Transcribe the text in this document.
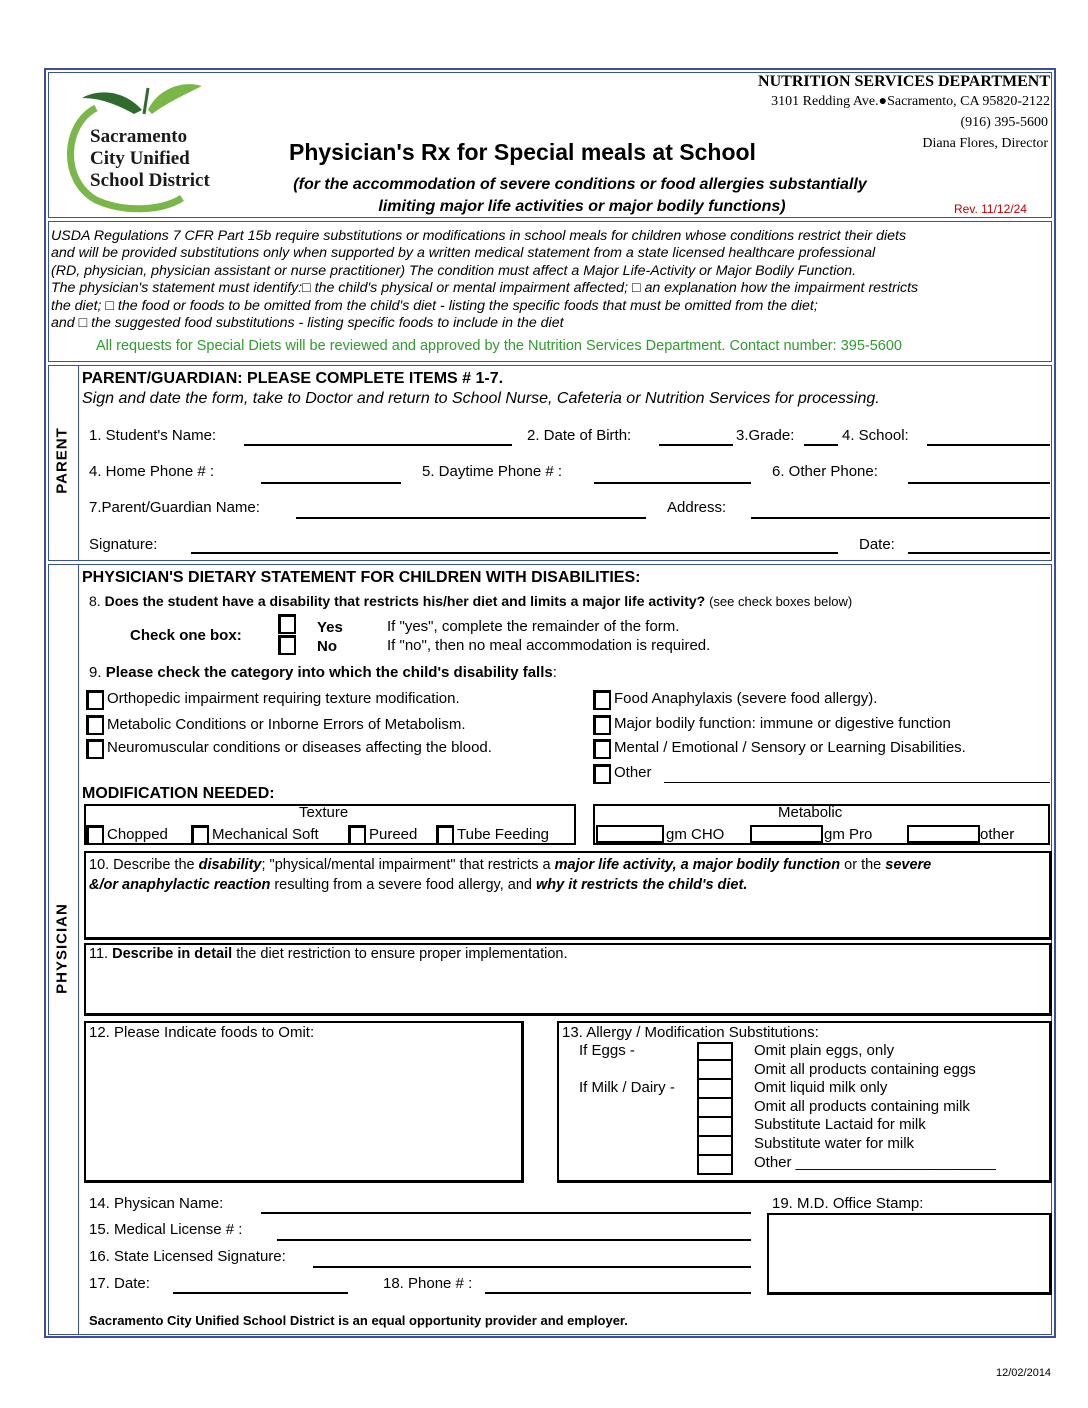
Sacramento
City Unified
School District
NUTRITION SERVICES DEPARTMENT
3101 Redding Ave.●Sacramento, CA 95820-2122
(916) 395-5600
Diana Flores, Director
Physician's Rx for Special meals at School
(for the accommodation of severe conditions or food allergies substantially
limiting major life activities or major bodily functions)	Rev. 11/12/24
USDA Regulations 7 CFR Part 15b require substitutions or modifications in school meals for children whose conditions restrict their diets
and will be provided substitutions only when supported by a written medical statement from a state licensed healthcare professional
(RD, physician, physician assistant or nurse practitioner) The condition must affect a Major Life-Activity or Major Bodily Function.
The physician's statement must identify:□ the child's physical or mental impairment affected; □ an explanation how the impairment restricts
the diet; □ the food or foods to be omitted from the child's diet - listing the specific foods that must be omitted from the diet;
and □ the suggested food substitutions - listing specific foods to include in the diet
All requests for Special Diets will be reviewed and approved by the Nutrition Services Department. Contact number: 395-5600
PARENT
PARENT/GUARDIAN: PLEASE COMPLETE ITEMS # 1-7.
Sign and date the form, take to Doctor and return to School Nurse, Cafeteria or Nutrition Services for processing.
1. Student's Name:	2. Date of Birth:	3.Grade:	4. School:
4. Home Phone # :	5. Daytime Phone # :	6. Other Phone:
7.Parent/Guardian Name:	Address:
Signature:	Date:
PHYSICIAN
PHYSICIAN'S DIETARY STATEMENT FOR CHILDREN WITH DISABILITIES:
8. Does the student have a disability that restricts his/her diet and limits a major life activity? (see check boxes below)
Check one box:	Yes
No
If "yes", complete the remainder of the form.
If "no", then no meal accommodation is required.
9. Please check the category into which the child's disability falls:
Orthopedic impairment requiring texture modification.
Metabolic Conditions or Inborne Errors of Metabolism.
Neuromuscular conditions or diseases affecting the blood.
Food Anaphylaxis (severe food allergy).
Major bodily function: immune or digestive function
Mental / Emotional / Sensory or Learning Disabilities.
Other
MODIFICATION NEEDED:
Texture
Chopped	Mechanical Soft	Pureed	Tube Feeding
Metabolic
gm CHO	gm Pro	other
10. Describe the disability; "physical/mental impairment" that restricts a major life activity, a major bodily function or the severe
&/or anaphylactic reaction resulting from a severe food allergy, and why it restricts the child's diet.
11. Describe in detail the diet restriction to ensure proper implementation.
12. Please Indicate foods to Omit:	13. Allergy / Modification Substitutions:
If Eggs -
If Milk / Dairy -
Omit plain eggs, only
Omit all products containing eggs
Omit liquid milk only
Omit all products containing milk
Substitute Lactaid for milk
Substitute water for milk
Other ________________________
14. Physican Name:
15. Medical License # :
16. State Licensed Signature:
17. Date:	18. Phone # :
19. M.D. Office Stamp:
Sacramento City Unified School District is an equal opportunity provider and employer.
12/02/2014
